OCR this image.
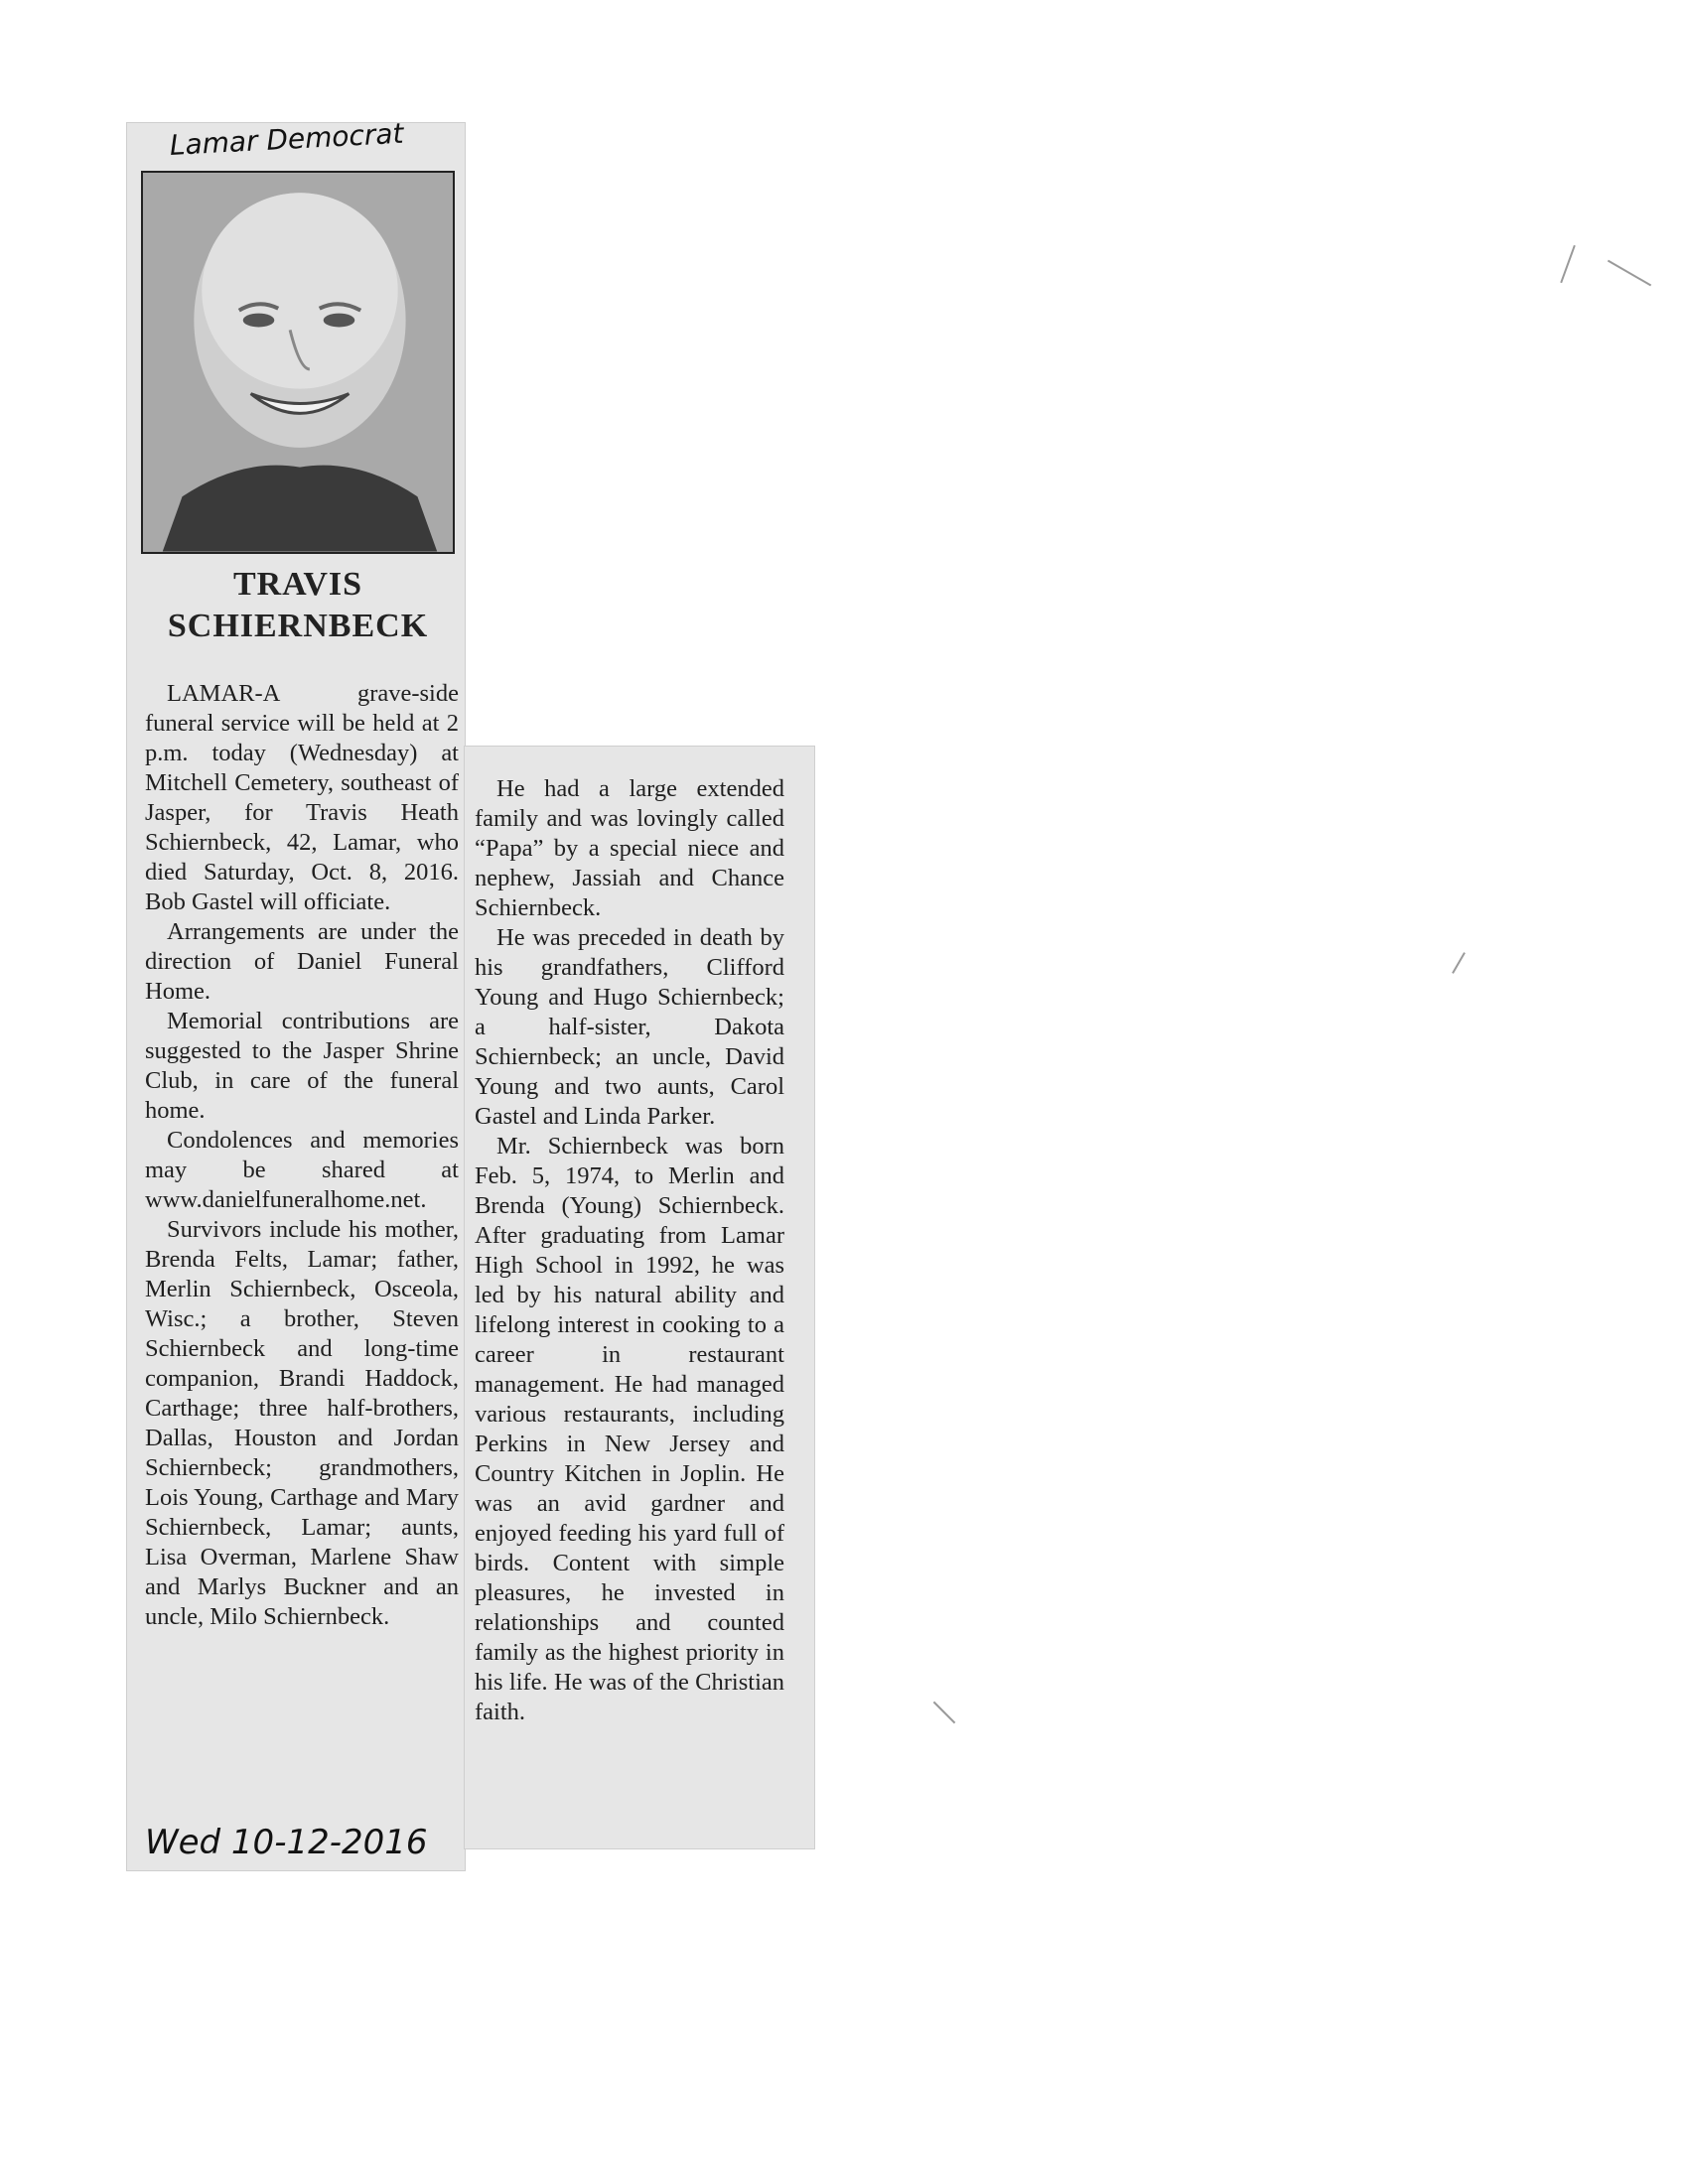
Lamar Democrat
TRAVIS SCHIERNBECK

LAMAR-A grave-side funeral service will be held at 2 p.m. today (Wednesday) at Mitchell Cemetery, southeast of Jasper, for Travis Heath Schiernbeck, 42, Lamar, who died Saturday, Oct. 8, 2016. Bob Gastel will officiate.

Arrangements are under the direction of Daniel Funeral Home.

Memorial contributions are suggested to the Jasper Shrine Club, in care of the funeral home.

Condolences and memories may be shared at www.danielfuneralhome.net.

Survivors include his mother, Brenda Felts, Lamar; father, Merlin Schiernbeck, Osceola, Wisc.; a brother, Steven Schiernbeck and long-time companion, Brandi Haddock, Carthage; three half-brothers, Dallas, Houston and Jordan Schiernbeck; grandmothers, Lois Young, Carthage and Mary Schiernbeck, Lamar; aunts, Lisa Overman, Marlene Shaw and Marlys Buckner and an uncle, Milo Schiernbeck.

He had a large extended family and was lovingly called “Papa” by a special niece and nephew, Jassiah and Chance Schiernbeck.

He was preceded in death by his grandfathers, Clifford Young and Hugo Schiernbeck; a half-sister, Dakota Schiernbeck; an uncle, David Young and two aunts, Carol Gastel and Linda Parker.

Mr. Schiernbeck was born Feb. 5, 1974, to Merlin and Brenda (Young) Schiernbeck. After graduating from Lamar High School in 1992, he was led by his natural ability and lifelong interest in cooking to a career in restaurant management. He had managed various restaurants, including Perkins in New Jersey and Country Kitchen in Joplin. He was an avid gardner and enjoyed feeding his yard full of birds. Content with simple pleasures, he invested in relationships and counted family as the highest priority in his life. He was of the Christian faith.

Wed 10-12-2016
